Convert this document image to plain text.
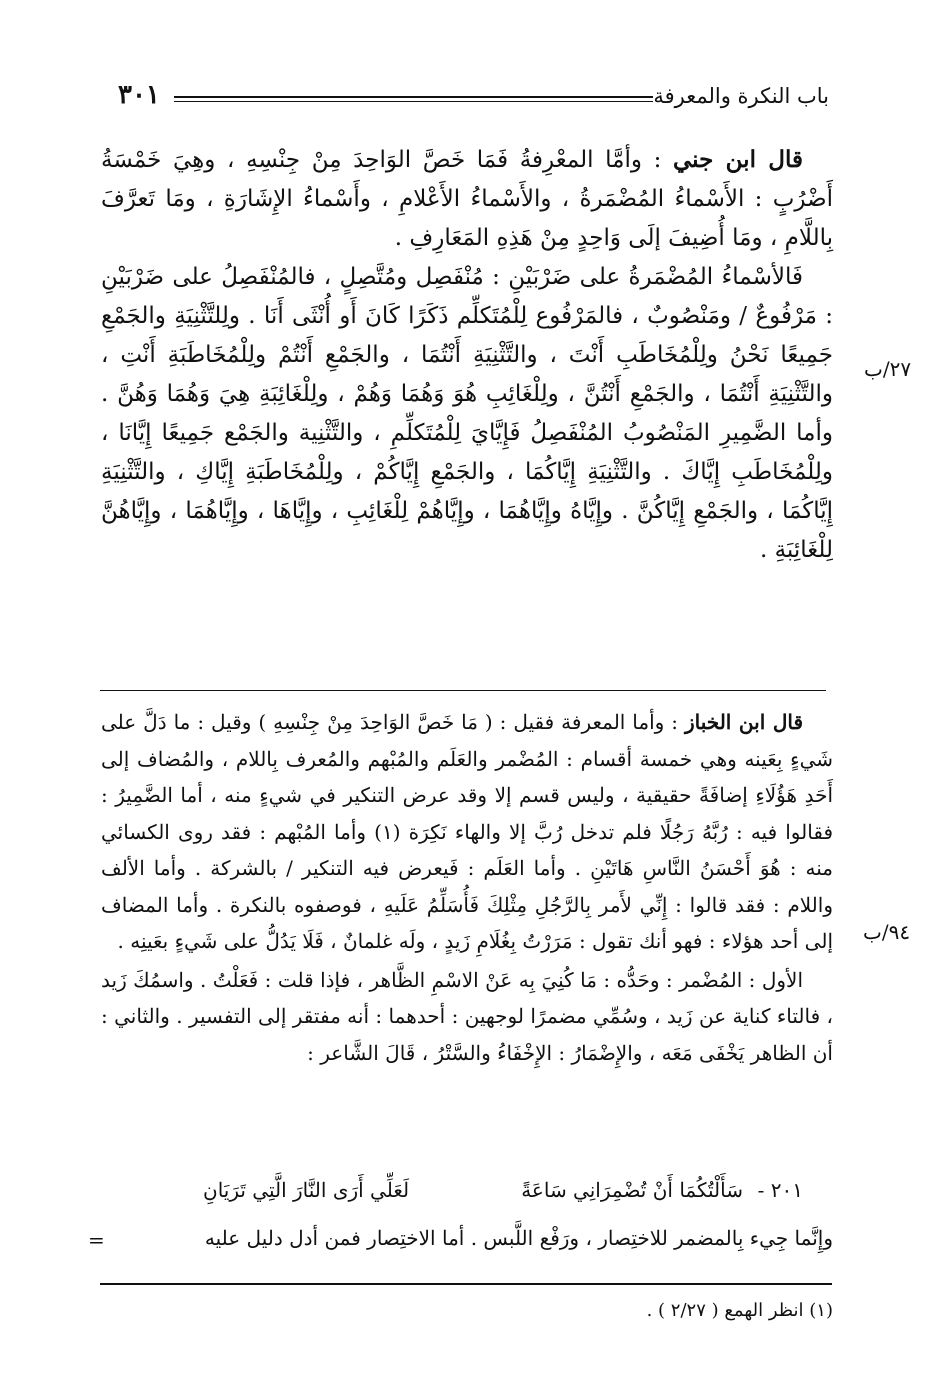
باب النكرة والمعرفة
٣٠١

قال ابن جني : وأمَّا المعْرِفةُ فَمَا خَصَّ الوَاحِدَ مِنْ جِنْسِهِ ، وهِيَ خَمْسَةُ أَضْرُبٍ : الأَسْماءُ المُضْمَرةُ ، والأَسْماءُ الأَعْلامِ ، وأَسْماءُ الإِشَارَةِ ، ومَا تَعرَّفَ بِاللَّامِ ، ومَا أُضِيفَ إلَى وَاحِدٍ مِنْ هَذِهِ المَعَارِفِ .

فَالأسْماءُ المُضْمَرةُ على ضَرْبَيْنِ : مُنْفَصِل ومُتَّصِلٍ ، فالمُنْفَصِلُ على ضَرْبَيْنِ : مَرْفُوعٌ / ومَنْصُوبٌ ، فالمَرْفُوع لِلْمُتَكلِّم ذَكَرًا كَانَ أَو أُنْثَى أَنَا . ولِلتَّثْنِيَةِ والجَمْعِ جَمِيعًا نَحْنُ ولِلْمُخَاطَبِ أَنْتَ ، والتَّثْنِيَةِ أَنْتُمَا ، والجَمْعِ أَنْتُمْ ولِلْمُخَاطَبَةِ أَنْتِ ، والتَّثْنِيَةِ أَنْتُمَا ، والجَمْعِ أَنْتُنَّ ، ولِلْغَائِبِ هُوَ وَهُمَا وَهُمْ ، ولِلْغَائِبَةِ هِيَ وَهُمَا وَهُنَّ . وأما الضَّمِيرِ المَنْصُوبُ المُنْفَصِلُ فَإِيَّايَ لِلْمُتَكلِّمِ ، والتَّثْنِية والجَمْع جَمِيعًا إِيَّانَا ، ولِلْمُخَاطَبِ إِيَّاكَ . والتَّثْنِيَةِ إِيَّاكُمَا ، والجَمْعِ إِيَّاكُمْ ، ولِلْمُخَاطَبَةِ إِيَّاكِ ، والتَّثْنِيَةِ إِيَّاكُمَا ، والجَمْعِ إِيَّاكُنَّ . وإِيَّاهُ وإِيَّاهُمَا ، وإِيَّاهُمْ لِلْغَائِبِ ، وإِيَّاهَا ، وإِيَّاهُمَا ، وإِيَّاهُنَّ لِلْغَائِبَةِ .

٢٧/ب

قال ابن الخباز : وأما المعرفة فقيل : ( مَا خَصَّ الوَاحِدَ مِنْ جِنْسِهِ ) وقيل : ما دَلَّ على شَيءٍ بِعَينه وهي خمسة أقسام : المُضْمر والعَلَم والمُبْهم والمُعرف بِاللام ، والمُضاف إلى أَحَدِ هَؤُلَاءِ إضافَةً حقيقية ، وليس قسم إلا وقد عرض التنكير في شيءٍ منه ، أما الضَّمِيرُ : فقالوا فيه : رُبَّهُ رَجُلًا فلم تدخل رُبَّ إلا والهاء نَكِرَة (١) وأما المُبْهم : فقد روى الكسائي منه : هُوَ أَحْسَنُ النَّاسِ هَاتَيْنِ . وأما العَلَم : فَيعرض فيه التنكير / بالشركة . وأما الألف واللام : فقد قالوا : إِنِّي لأَمر بِالرَّجُلِ مِثْلِكَ فَأُسَلِّمُ عَلَيهِ ، فوصفوه بالنكرة . وأما المضاف إلى أحد هؤلاء : فهو أنك تقول : مَرَرْتُ بِغُلَامِ زَيدٍ ، ولَه غلمانٌ ، فَلَا يَدُلُّ على شَيءٍ بعَينِه .

الأول : المُضْمر : وحَدُّه : مَا كُنِيَ بِه عَنْ الاسْمِ الظَّاهر ، فإذا قلت : فَعَلْتُ . واسمُكَ زَيد ، فالتاء كناية عن زَيد ، وسُمِّي مضمرًا لوجهين : أحدهما : أنه مفتقر إلى التفسير . والثاني : أن الظاهر يَخْفَى مَعَه ، والإِضْمَارُ : الإِخْفَاءُ والسَّتْرُ ، قَالَ الشَّاعر :

٩٤/ب
٢٠١ -
سَأَلْتُكُمَا أَنْ تُضْمِرَانِي سَاعَةً
لَعَلِّي أَرَى النَّارَ الَّتِي تَرَيَانِ
وإِنَّما جِيء بِالمضمر للاختِصار ، ورَفْع اللَّبس . أما الاختِصار فمن أدل دليل عليه
=
(١) انظر الهمع ( ٢/٢٧ ) .
